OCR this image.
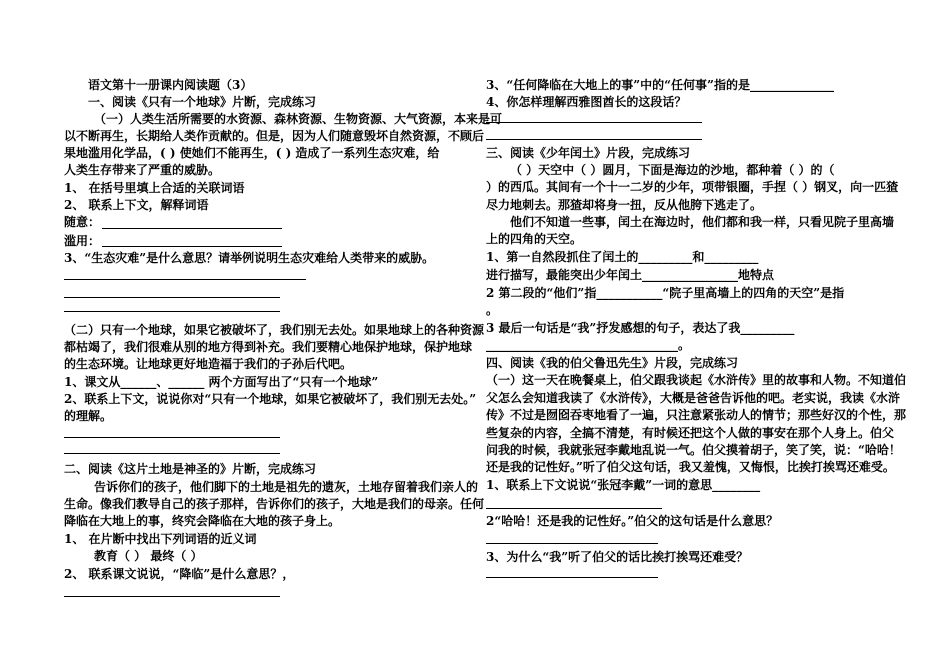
语文第十一册课内阅读题（3）
一、阅读《只有一个地球》片断，完成练习
（一）人类生活所需要的水资源、森林资源、生物资源、大气资源，本来是可
以不断再生，长期给人类作贡献的。但是，因为人们随意毁坏自然资源，不顾后
果地滥用化学品，( ) 使她们不能再生，( ) 造成了一系列生态灾难，给
人类生存带来了严重的威胁。
1、 在括号里填上合适的关联词语
2、 联系上下文，解释词语
随意：
滥用：
3、“生态灾难”是什么意思？请举例说明生态灾难给人类带来的威胁。
（二）只有一个地球，如果它被破坏了，我们别无去处。如果地球上的各种资源
都枯竭了，我们很难从别的地方得到补充。我们要精心地保护地球，保护地球
的生态环境。让地球更好地造福于我们的子孙后代吧。
1、课文从______、______ 两个方面写出了“只有一个地球”
2、联系上下文，说说你对“只有一个地球，如果它被破坏了，我们别无去处。”
的理解。
二、阅读《这片土地是神圣的》片断，完成练习
告诉你们的孩子，他们脚下的土地是祖先的遗灰，土地存留着我们亲人的
生命。像我们教导自己的孩子那样，告诉你们的孩子，大地是我们的母亲。任何
降临在大地上的事，终究会降临在大地的孩子身上。
1、 在片断中找出下列词语的近义词
教育（ ） 最终（ ）
2、 联系课文说说，“降临”是什么意思？，
3、“任何降临在大地上的事”中的“任何事”指的是______________
4、你怎样理解西雅图酋长的这段话？
三、阅读《少年闰土》片段，完成练习
（ ）天空中（ ）圆月，下面是海边的沙地，都种着（ ）的（
）的西瓜。其间有一个十一二岁的少年，项带银圈，手捏（ ）钢叉，向一匹猹
尽力地刺去。那猹却将身一扭，反从他胯下逃走了。
他们不知道一些事，闰土在海边时，他们都和我一样，只看见院子里高墙
上的四角的天空。
1、第一自然段抓住了闰土的_________和_________
进行描写，最能突出少年闰土________________地特点
2 第二段的“他们”指___________“院子里高墙上的四角的天空”是指
。
3 最后一句话是“我”抒发感想的句子，表达了我_________
________________________________。
四、阅读《我的伯父鲁迅先生》片段，完成练习
（一）这一天在晚餐桌上，伯父跟我谈起《水浒传》里的故事和人物。不知道伯
父怎么会知道我读了《水浒传》，大概是爸爸告诉他的吧。老实说，我读《水浒
传》不过是囫囵吞枣地看了一遍，只注意紧张动人的情节；那些好汉的个性，那
些复杂的内容，全搞不清楚，有时候还把这个人做的事安在那个人身上。伯父
问我的时候，我就张冠李戴地乱说一气。伯父摸着胡子，笑了笑，说：“哈哈！
还是我的记性好。”听了伯父这句话，我又羞愧，又悔恨，比挨打挨骂还难受。
1、联系上下文说说“张冠李戴”一词的意思________
2“哈哈！还是我的记性好。”伯父的这句话是什么意思？
3、为什么“我”听了伯父的话比挨打挨骂还难受？
